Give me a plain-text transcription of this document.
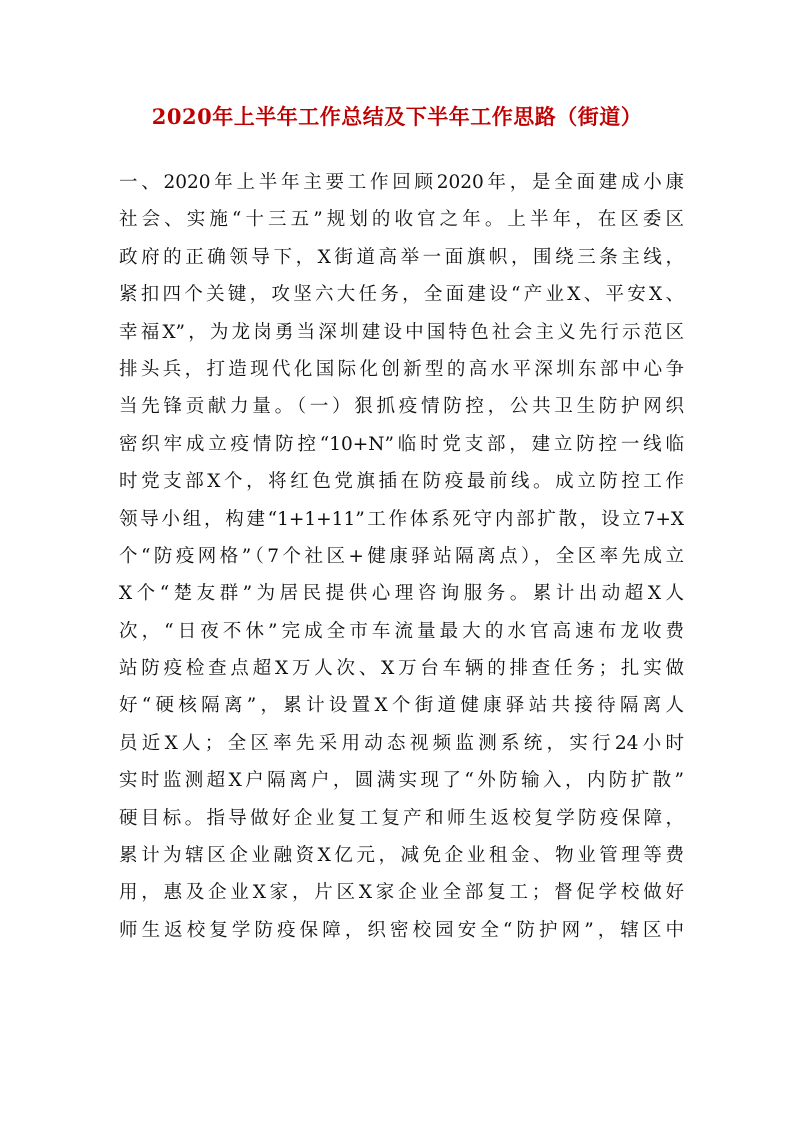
2020年上半年工作总结及下半年工作思路（街道）
一、2020年上半年主要工作回顾2020年，是全面建成小康
社会、实施“十三五”规划的收官之年。上半年，在区委区
政府的正确领导下，X街道高举一面旗帜，围绕三条主线，
紧扣四个关键，攻坚六大任务，全面建设“产业X、平安X、
幸福X”，为龙岗勇当深圳建设中国特色社会主义先行示范区
排头兵，打造现代化国际化创新型的高水平深圳东部中心争
当先锋贡献力量。（一）狠抓疫情防控，公共卫生防护网织
密织牢成立疫情防控“10+N”临时党支部，建立防控一线临
时党支部X个，将红色党旗插在防疫最前线。成立防控工作
领导小组，构建“1+1+11”工作体系死守内部扩散，设立7+X
个“防疫网格”（7个社区+健康驿站隔离点），全区率先成立
X个“楚友群”为居民提供心理咨询服务。累计出动超X人
次，“日夜不休”完成全市车流量最大的水官高速布龙收费
站防疫检查点超X万人次、X万台车辆的排查任务；扎实做
好“硬核隔离”，累计设置X个街道健康驿站共接待隔离人
员近X人；全区率先采用动态视频监测系统，实行24小时
实时监测超X户隔离户，圆满实现了“外防输入，内防扩散”
硬目标。指导做好企业复工复产和师生返校复学防疫保障，
累计为辖区企业融资X亿元，减免企业租金、物业管理等费
用，惠及企业X家，片区X家企业全部复工；督促学校做好
师生返校复学防疫保障，织密校园安全“防护网”，辖区中
